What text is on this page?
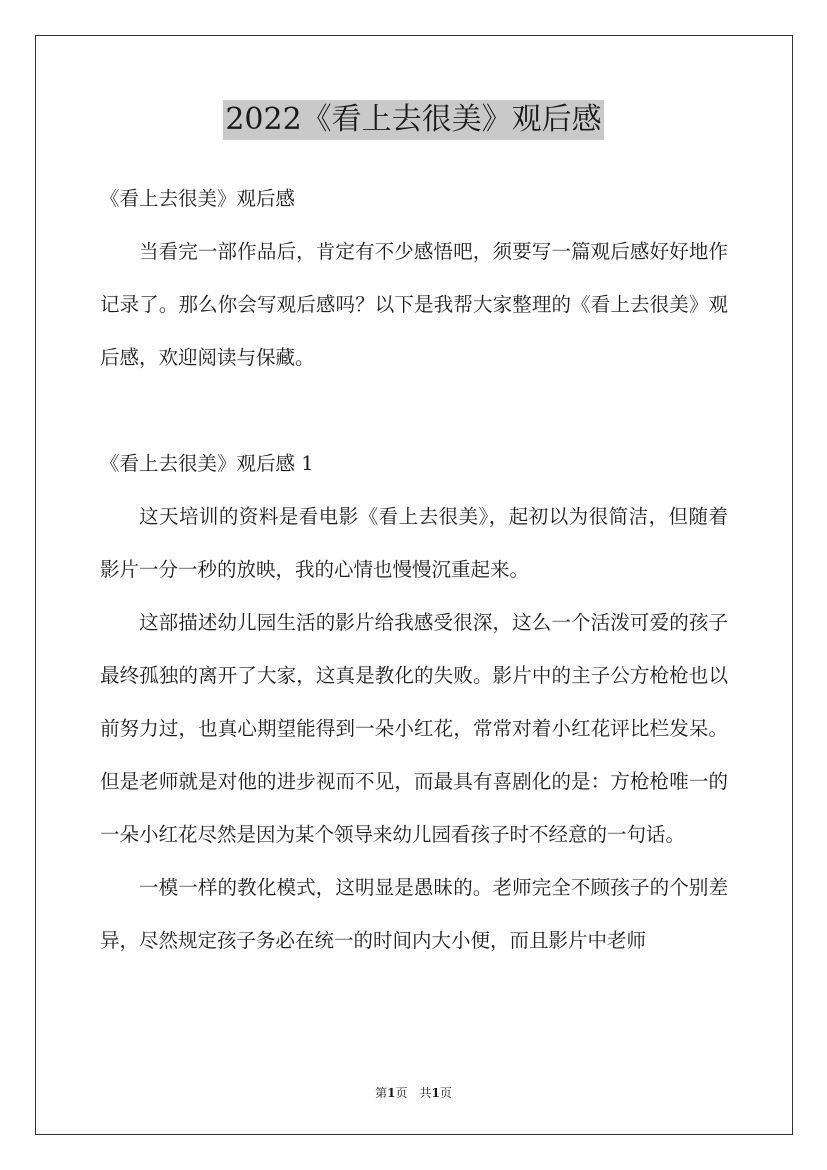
2022《看上去很美》观后感

《看上去很美》观后感

当看完一部作品后，肯定有不少感悟吧，须要写一篇观后感好好地作记录了。那么你会写观后感吗？以下是我帮大家整理的《看上去很美》观后感，欢迎阅读与保藏。

《看上去很美》观后感 1

这天培训的资料是看电影《看上去很美》，起初以为很简洁，但随着影片一分一秒的放映，我的心情也慢慢沉重起来。

这部描述幼儿园生活的影片给我感受很深，这么一个活泼可爱的孩子最终孤独的离开了大家，这真是教化的失败。影片中的主子公方枪枪也以前努力过，也真心期望能得到一朵小红花，常常对着小红花评比栏发呆。但是老师就是对他的进步视而不见，而最具有喜剧化的是：方枪枪唯一的一朵小红花尽然是因为某个领导来幼儿园看孩子时不经意的一句话。

一模一样的教化模式，这明显是愚昧的。老师完全不顾孩子的个别差异，尽然规定孩子务必在统一的时间内大小便，而且影片中老师

第1页　共1页
